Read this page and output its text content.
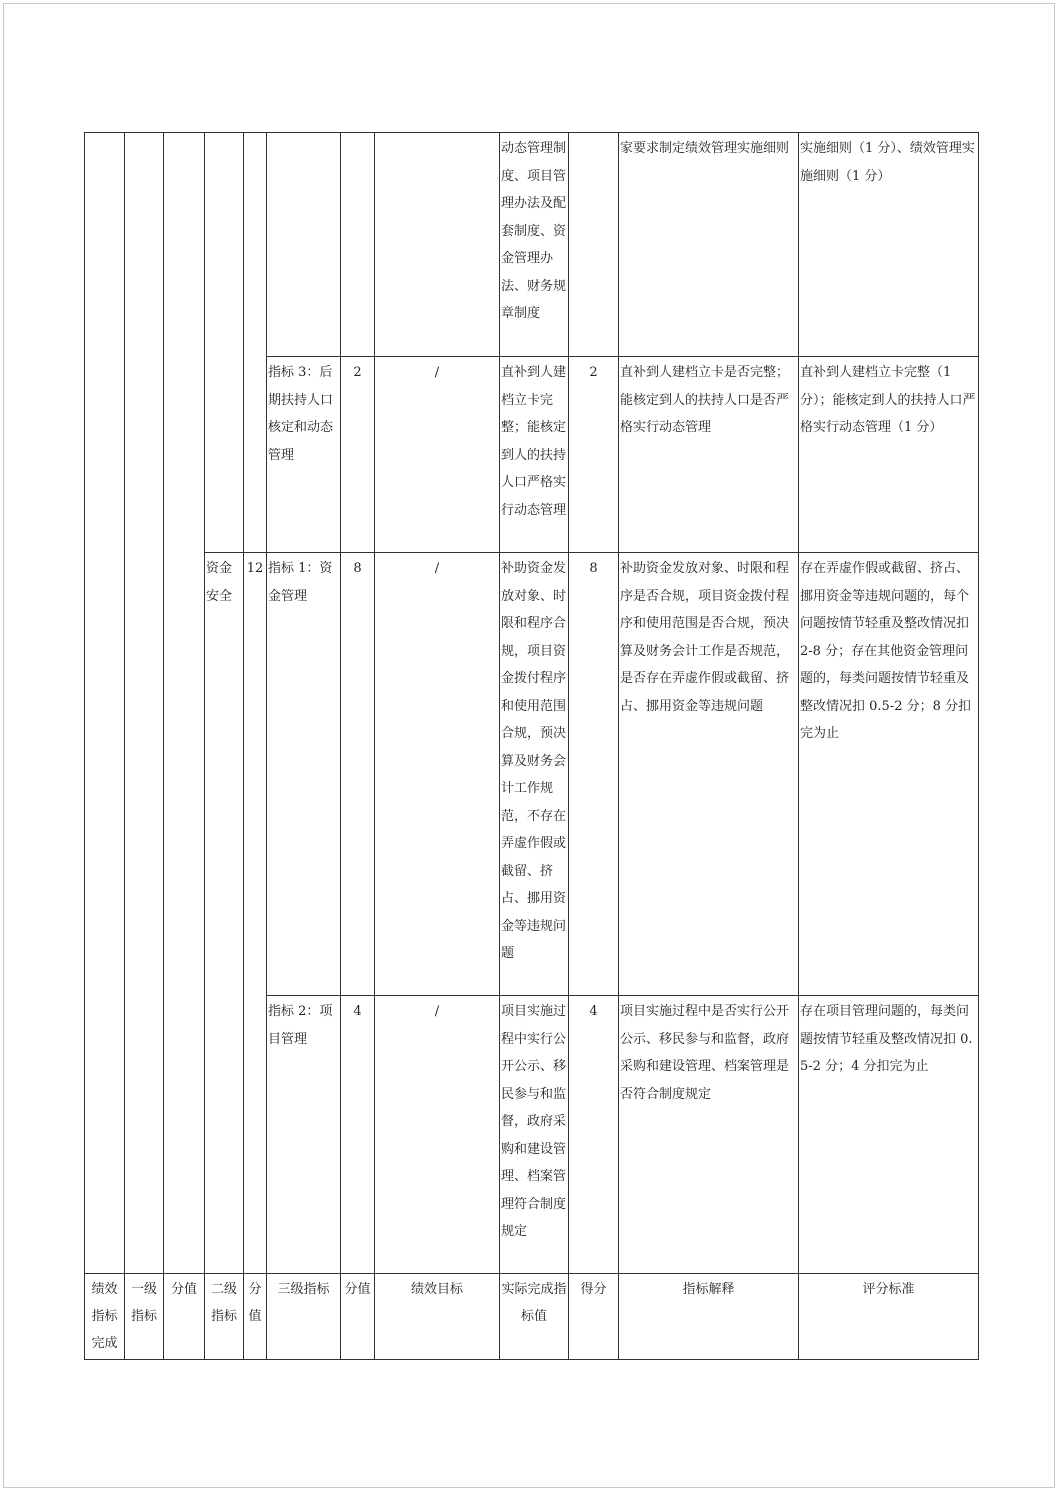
								动态管理制度、项目管理办法及配套制度、资金管理办法、财务规章制度		家要求制定绩效管理实施细则	实施细则（1 分）、绩效管理实施细则（1 分）
					指标 3：后期扶持人口核定和动态管理	2	/	直补到人建档立卡完整；能核定到人的扶持人口严格实行动态管理	2	直补到人建档立卡是否完整；能核定到人的扶持人口是否严格实行动态管理	直补到人建档立卡完整（1 分）；能核定到人的扶持人口严格实行动态管理（1 分）
			资金安全	12	指标 1：资金管理	8	/	补助资金发放对象、时限和程序合规，项目资金拨付程序和使用范围合规，预决算及财务会计工作规范，不存在弄虚作假或截留、挤占、挪用资金等违规问题	8	补助资金发放对象、时限和程序是否合规，项目资金拨付程序和使用范围是否合规，预决算及财务会计工作是否规范，是否存在弄虚作假或截留、挤占、挪用资金等违规问题	存在弄虚作假或截留、挤占、挪用资金等违规问题的，每个问题按情节轻重及整改情况扣 2-8 分；存在其他资金管理问题的，每类问题按情节轻重及整改情况扣 0.5-2 分；8 分扣完为止
					指标 2：项目管理	4	/	项目实施过程中实行公开公示、移民参与和监督，政府采购和建设管理、档案管理符合制度规定	4	项目实施过程中是否实行公开公示、移民参与和监督，政府采购和建设管理、档案管理是否符合制度规定	存在项目管理问题的，每类问题按情节轻重及整改情况扣 0.5-2 分；4 分扣完为止
绩效指标完成	一级指标	分值	二级指标	分值	三级指标	分值	绩效目标	实际完成指标值	得分	指标解释	评分标准
